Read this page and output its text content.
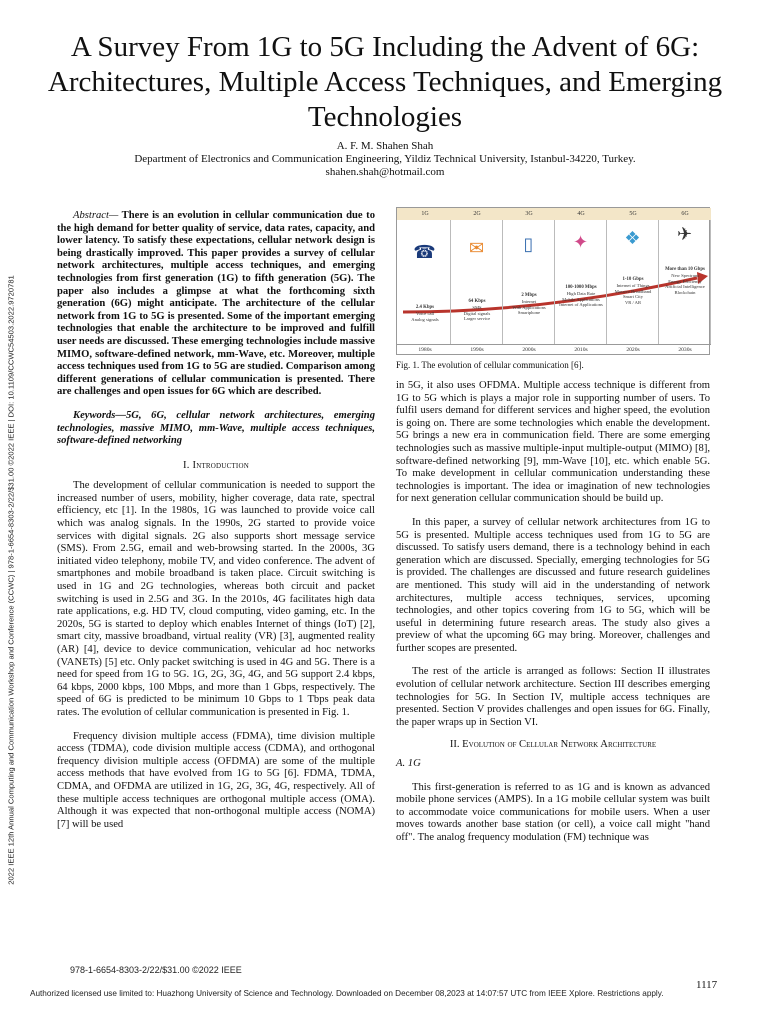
2022 IEEE 12th Annual Computing and Communication Workshop and Conference (CCWC) | 978-1-6654-8303-2/22/$31.00 ©2022 IEEE | DOI: 10.1109/CCWC54503.2022.9720781
A Survey From 1G to 5G Including the Advent of 6G: Architectures, Multiple Access Techniques, and Emerging Technologies
A. F. M. Shahen Shah
Department of Electronics and Communication Engineering, Yildiz Technical University, Istanbul-34220, Turkey.
shahen.shah@hotmail.com

Abstract— There is an evolution in cellular communication due to the high demand for better quality of service, data rates, capacity, and lower latency. To satisfy these expectations, cellular network design is being drastically improved. This paper provides a survey of cellular network architectures, multiple access techniques, and emerging technologies from first generation (1G) to fifth generation (5G). The paper also includes a glimpse at what the forthcoming sixth generation (6G) might anticipate. The architecture of the cellular network from 1G to 5G is presented. Some of the important emerging technologies that enable the architecture to be improved and fulfill user needs are discussed. These emerging technologies include massive MIMO, software-defined network, mm-Wave, etc. Moreover, multiple access techniques used from 1G to 5G are studied. Comparison among different generations of cellular communication is presented. There are challenges and open issues for 6G which are described.

Keywords—5G, 6G, cellular network architectures, emerging technologies, massive MIMO, mm-Wave, multiple access techniques, software-defined networking

I. Introduction

The development of cellular communication is needed to support the increased number of users, mobility, higher coverage, data rate, spectral efficiency, etc [1]. In the 1980s, 1G was launched to provide voice call which was analog signals. In the 1990s, 2G started to provide voice services with digital signals. 2G also supports short message service (SMS). From 2.5G, email and web-browsing started. In the 2000s, 3G initiated video telephony, mobile TV, and video conference. The advent of smartphones and mobile broadband is taken place. Circuit switching is used in 1G and 2G technologies, whereas both circuit and packet switching is used in 2.5G and 3G. In the 2010s, 4G facilitates high data rate applications, e.g. HD TV, cloud computing, video gaming, etc. In the 2020s, 5G is started to deploy which enables Internet of things (IoT) [2], smart city, massive broadband, virtual reality (VR) [3], augmented reality (AR) [4], device to device communication, vehicular ad hoc networks (VANETs) [5] etc. Only packet switching is used in 4G and 5G. There is a need for speed from 1G to 5G. 1G, 2G, 3G, 4G, and 5G support 2.4 kbps, 64 kbps, 2000 kbps, 100 Mbps, and more than 1 Gbps, respectively. The speed of 6G is predicted to be minimum 10 Gbps to 1 Tbps peak data rates. The evolution of cellular communication is presented in Fig. 1.

Frequency division multiple access (FDMA), time division multiple access (TDMA), code division multiple access (CDMA), and orthogonal frequency division multiple access (OFDMA) are some of the multiple access methods that have evolved from 1G to 5G [6]. FDMA, TDMA, CDMA, and OFDMA are utilized in 1G, 2G, 3G, 4G, respectively. All of these multiple access techniques are orthogonal multiple access (OMA). Although it was expected that non-orthogonal multiple access (NOMA) [7] will be used

1G	2G	3G	4G	5G	6G
☎
2.4 Kbps
Voice call
Analog signals
✉
64 Kbps
SMS
Digital signals
Larger service
▯
2 Mbps
Internet
With Applications
Smartphone
✦
100-1000 Mbps
High Data Rate
Mobile Applications
Internet of Applications
❖
1-10 Gbps
Internet of Things
Massive Broadband
Smart City
VR / AR
✈
More than 10 Gbps
New Spectrum
Energy Efficiency
Artificial Intelligence
Blockchain
1980s	1990s	2000s	2010s	2020s	2030s
Fig. 1. The evolution of cellular communication [6].

in 5G, it also uses OFDMA. Multiple access technique is different from 1G to 5G which is plays a major role in supporting number of users. To fulfil users demand for different services and higher speed, the evolution is going on. There are some technologies which enable the development. 5G brings a new era in communication field. There are some emerging technologies such as massive multiple-input multiple-output (MIMO) [8], software-defined networking [9], mm-Wave [10], etc. which enable 5G. To make development in cellular communication understanding these technologies is important. The idea or imagination of new technologies for next generation cellular communication should be build up.

In this paper, a survey of cellular network architectures from 1G to 5G is presented. Multiple access techniques used from 1G to 5G are discussed. To satisfy users demand, there is a technology behind in each generation which are discussed. Specially, emerging technologies for 5G is provided. The challenges are discussed and future research guidelines are mentioned. This study will aid in the understanding of network architectures, multiple access techniques, services, upcoming technologies, and other topics covering from 1G to 5G, which will be useful in determining future research areas. The study also gives a preview of what the upcoming 6G may bring. Moreover, challenges and further scopes are presented.

The rest of the article is arranged as follows: Section II illustrates evolution of cellular network architecture. Section III describes emerging technologies for 5G. In Section IV, multiple access techniques are presented. Section V provides challenges and open issues for 6G. Finally, the paper wraps up in Section VI.

II. Evolution of Cellular Network Architecture

A. 1G

This first-generation is referred to as 1G and is known as advanced mobile phone services (AMPS). In a 1G mobile cellular system was built to accommodate voice communications for mobile users. When a user moves towards another base station (or cell), a voice call might "hand off". The analog frequency modulation (FM) technique was

978-1-6654-8303-2/22/$31.00 ©2022 IEEE
1117
Authorized licensed use limited to: Huazhong University of Science and Technology. Downloaded on December 08,2023 at 14:07:57 UTC from IEEE Xplore. Restrictions apply.
